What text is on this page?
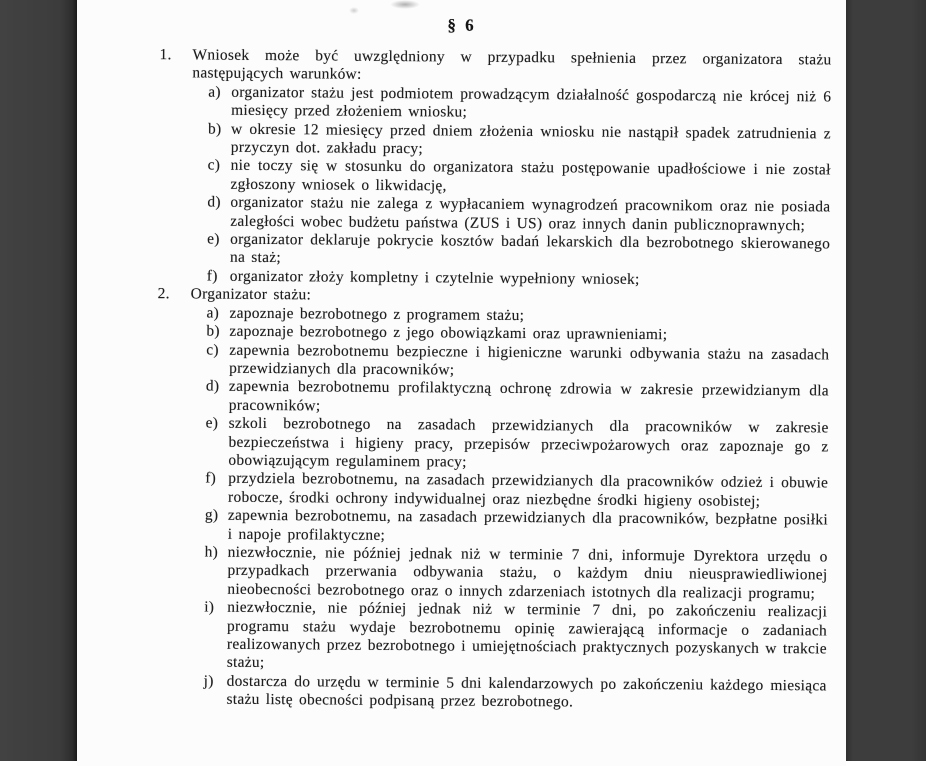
§ 6
1.	Wniosek może być uwzględniony w przypadku spełnienia przez organizatora stażu następujących warunków:
a) organizator stażu jest podmiotem prowadzącym działalność gospodarczą nie krócej niż 6 miesięcy przed złożeniem wniosku;
b) w okresie 12 miesięcy przed dniem złożenia wniosku nie nastąpił spadek zatrudnienia z przyczyn dot. zakładu pracy;
c) nie toczy się w stosunku do organizatora stażu postępowanie upadłościowe i nie został zgłoszony wniosek o likwidację,
d) organizator stażu nie zalega z wypłacaniem wynagrodzeń pracownikom oraz nie posiada zaległości wobec budżetu państwa (ZUS i US) oraz innych danin publicznoprawnych;
e) organizator deklaruje pokrycie kosztów badań lekarskich dla bezrobotnego skierowanego na staż;
f) organizator złoży kompletny i czytelnie wypełniony wniosek;
2.	Organizator stażu:
a) zapoznaje bezrobotnego z programem stażu;
b) zapoznaje bezrobotnego z jego obowiązkami oraz uprawnieniami;
c) zapewnia bezrobotnemu bezpieczne i higieniczne warunki odbywania stażu na zasadach przewidzianych dla pracowników;
d) zapewnia bezrobotnemu profilaktyczną ochronę zdrowia w zakresie przewidzianym dla pracowników;
e) szkoli bezrobotnego na zasadach przewidzianych dla pracowników w zakresie bezpieczeństwa i higieny pracy, przepisów przeciwpożarowych oraz zapoznaje go z obowiązującym regulaminem pracy;
f) przydziela bezrobotnemu, na zasadach przewidzianych dla pracowników odzież i obuwie robocze, środki ochrony indywidualnej oraz niezbędne środki higieny osobistej;
g) zapewnia bezrobotnemu, na zasadach przewidzianych dla pracowników, bezpłatne posiłki i napoje profilaktyczne;
h) niezwłocznie, nie później jednak niż w terminie 7 dni, informuje Dyrektora urzędu o przypadkach przerwania odbywania stażu, o każdym dniu nieusprawiedliwionej nieobecności bezrobotnego oraz o innych zdarzeniach istotnych dla realizacji programu;
i) niezwłocznie, nie później jednak niż w terminie 7 dni, po zakończeniu realizacji programu stażu wydaje bezrobotnemu opinię zawierającą informacje o zadaniach realizowanych przez bezrobotnego i umiejętnościach praktycznych pozyskanych w trakcie stażu;
j) dostarcza do urzędu w terminie 5 dni kalendarzowych po zakończeniu każdego miesiąca stażu listę obecności podpisaną przez bezrobotnego.
